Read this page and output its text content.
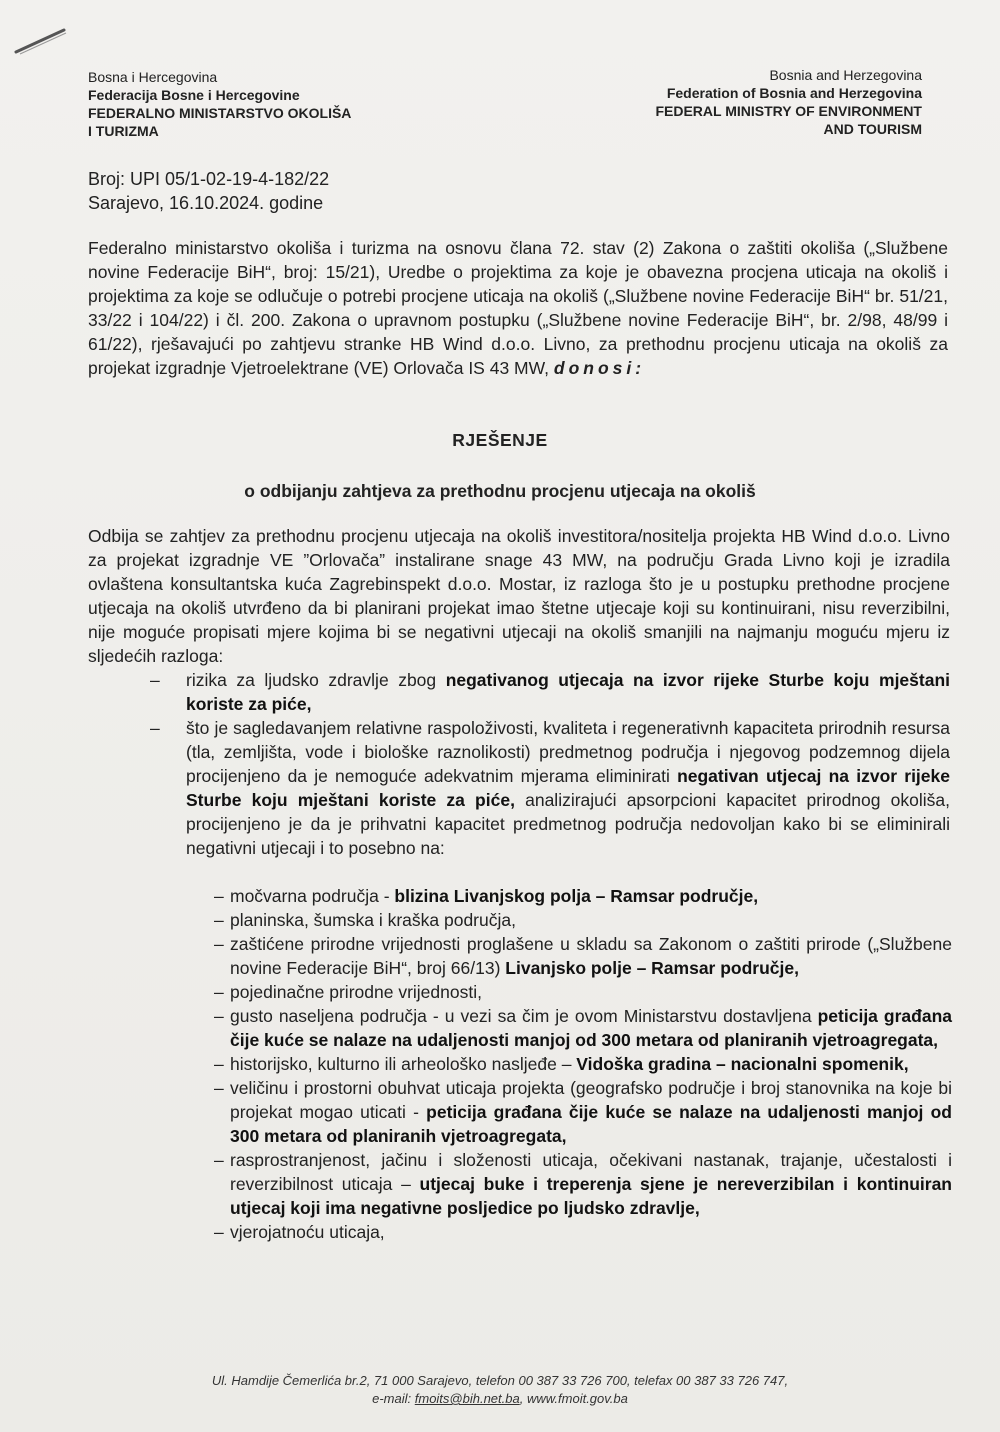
Bosna i Hercegovina
Federacija Bosne i Hercegovine
FEDERALNO MINISTARSTVO OKOLIŠA
I TURIZMA
Bosnia and Herzegovina
Federation of Bosnia and Herzegovina
FEDERAL MINISTRY OF ENVIRONMENT
AND TOURISM
Broj: UPI 05/1-02-19-4-182/22
Sarajevo, 16.10.2024. godine
Federalno ministarstvo okoliša i turizma na osnovu člana 72. stav (2) Zakona o zaštiti okoliša („Službene novine Federacije BiH“, broj: 15/21), Uredbe o projektima za koje je obavezna procjena uticaja na okoliš i projektima za koje se odlučuje o potrebi procjene uticaja na okoliš („Službene novine Federacije BiH“ br. 51/21, 33/22 i 104/22) i čl. 200. Zakona o upravnom postupku („Službene novine Federacije BiH“, br. 2/98, 48/99 i 61/22), rješavajući po zahtjevu stranke HB Wind d.o.o. Livno, za prethodnu procjenu uticaja na okoliš za projekat izgradnje Vjetroelektrane (VE) Orlovača IS 43 MW, donosi:
RJEŠENJE
o odbijanju zahtjeva za prethodnu procjenu utjecaja na okoliš
Odbija se zahtjev za prethodnu procjenu utjecaja na okoliš investitora/nositelja projekta HB Wind d.o.o. Livno za projekat izgradnje VE ”Orlovača” instalirane snage 43 MW, na području Grada Livno koji je izradila ovlaštena konsultantska kuća Zagrebinspekt d.o.o. Mostar, iz razloga što je u postupku prethodne procjene utjecaja na okoliš utvrđeno da bi planirani projekat imao štetne utjecaje koji su kontinuirani, nisu reverzibilni, nije moguće propisati mjere kojima bi se negativni utjecaji na okoliš smanjili na najmanju moguću mjeru iz sljedećih razloga:
– rizika za ljudsko zdravlje zbog negativanog utjecaja na izvor rijeke Sturbe koju mještani koriste za piće,
– što je sagledavanjem relativne raspoloživosti, kvaliteta i regenerativnh kapaciteta prirodnih resursa (tla, zemljišta, vode i biološke raznolikosti) predmetnog područja i njegovog podzemnog dijela procijenjeno da je nemoguće adekvatnim mjerama eliminirati negativan utjecaj na izvor rijeke Sturbe koju mještani koriste za piće, analizirajući apsorpcioni kapacitet prirodnog okoliša, procijenjeno je da je prihvatni kapacitet predmetnog područja nedovoljan kako bi se eliminirali negativni utjecaji i to posebno na:
– močvarna područja - blizina Livanjskog polja – Ramsar područje,
– planinska, šumska i kraška područja,
– zaštićene prirodne vrijednosti proglašene u skladu sa Zakonom o zaštiti prirode („Službene novine Federacije BiH“, broj 66/13) Livanjsko polje – Ramsar područje,
– pojedinačne prirodne vrijednosti,
– gusto naseljena područja - u vezi sa čim je ovom Ministarstvu dostavljena peticija građana čije kuće se nalaze na udaljenosti manjoj od 300 metara od planiranih vjetroagregata,
– historijsko, kulturno ili arheološko nasljeđe – Vidoška gradina – nacionalni spomenik,
– veličinu i prostorni obuhvat uticaja projekta (geografsko područje i broj stanovnika na koje bi projekat mogao uticati - peticija građana čije kuće se nalaze na udaljenosti manjoj od 300 metara od planiranih vjetroagregata,
– rasprostranjenost, jačinu i složenosti uticaja, očekivani nastanak, trajanje, učestalosti i reverzibilnost uticaja – utjecaj buke i treperenja sjene je nereverzibilan i kontinuiran utjecaj koji ima negativne posljedice po ljudsko zdravlje,
– vjerojatnoću uticaja,
Ul. Hamdije Čemerlića br.2, 71 000 Sarajevo, telefon 00 387 33 726 700, telefax 00 387 33 726 747,
e-mail: fmoits@bih.net.ba, www.fmoit.gov.ba
